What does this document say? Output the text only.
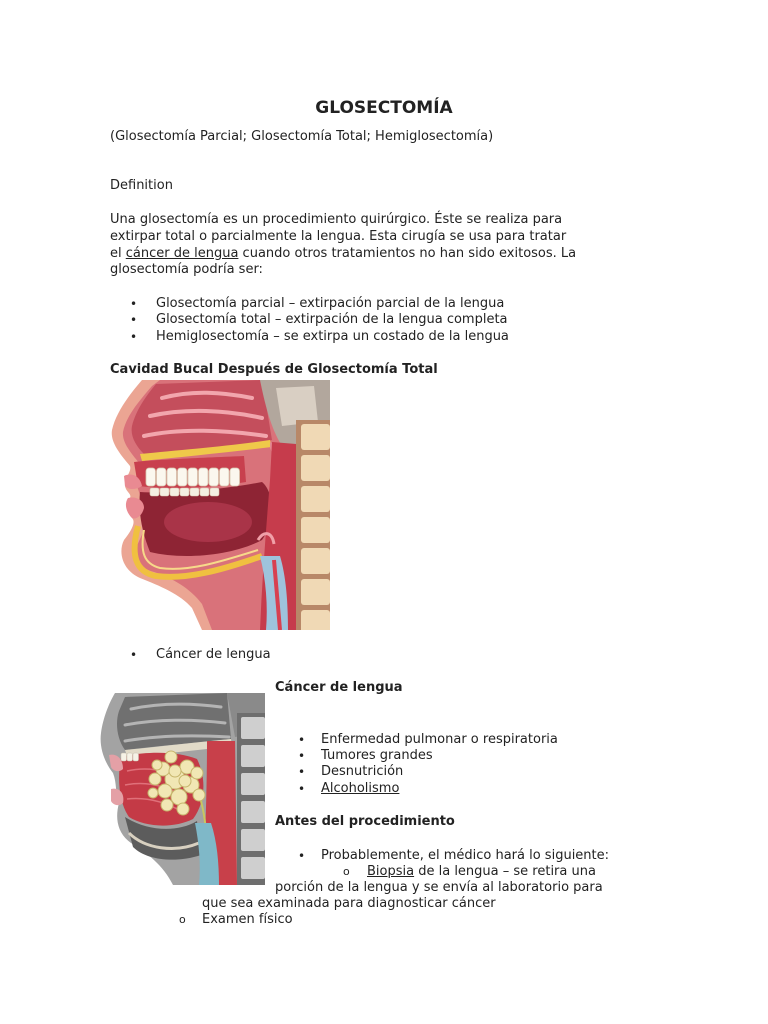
GLOSECTOMÍA
(Glosectomía Parcial; Glosectomía Total; Hemiglosectomía)
Definition
Una glosectomía es un procedimiento quirúrgico. Éste se realiza para
extirpar total o parcialmente la lengua. Esta cirugía se usa para tratar
el cáncer de lengua cuando otros tratamientos no han sido exitosos. La
glosectomía podría ser:
• Glosectomía parcial – extirpación parcial de la lengua
• Glosectomía total – extirpación de la lengua completa
• Hemiglosectomía – se extirpa un costado de la lengua
Cavidad Bucal Después de Glosectomía Total
• Cáncer de lengua
Cáncer de lengua
• Enfermedad pulmonar o respiratoria
• Tumores grandes
• Desnutrición
• Alcoholismo
Antes del procedimiento
• Probablemente, el médico hará lo siguiente:
o Biopsia de la lengua – se retira una
porción de la lengua y se envía al laboratorio para
que sea examinada para diagnosticar cáncer
o Examen físico
